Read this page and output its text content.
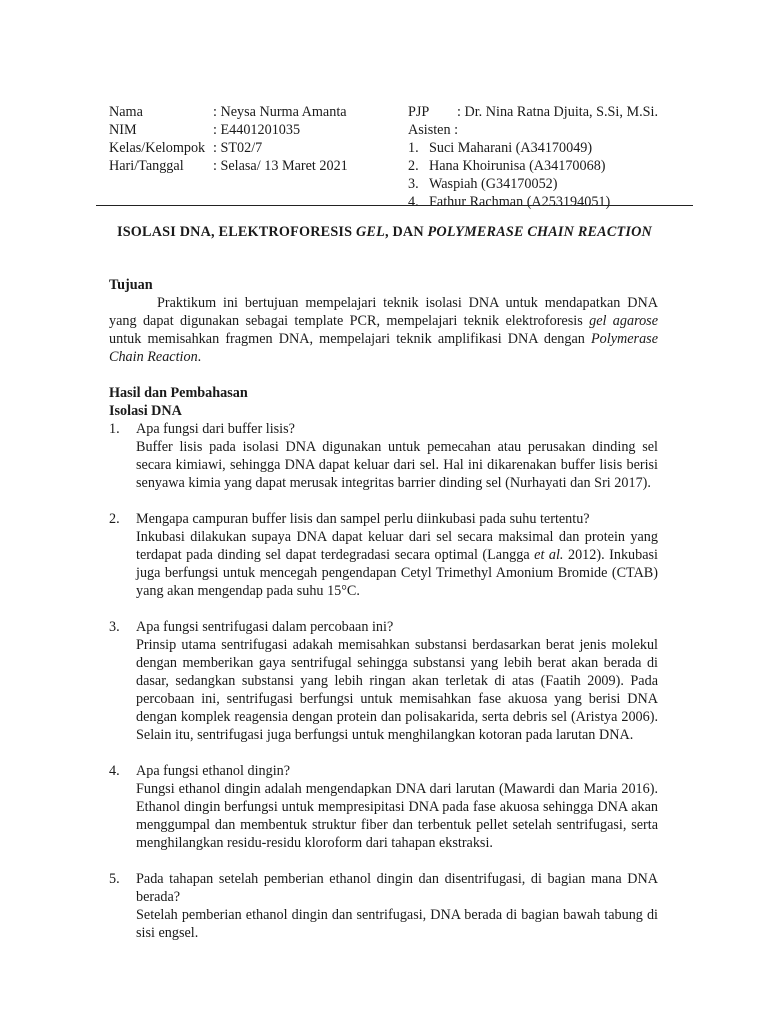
Nama	: Neysa Nurma Amanta	PJP : Dr. Nina Ratna Djuita, S.Si, M.Si.
NIM	: E4401201035	Asisten :
Kelas/Kelompok : ST02/7	1. Suci Maharani (A34170049)
Hari/Tanggal : Selasa/ 13 Maret 2021	2. Hana Khoirunisa (A34170068)
3. Waspiah (G34170052)
4. Fathur Rachman (A253194051)
ISOLASI DNA, ELEKTROFORESIS GEL, DAN POLYMERASE CHAIN REACTION
Tujuan
Praktikum ini bertujuan mempelajari teknik isolasi DNA untuk mendapatkan DNA yang dapat digunakan sebagai template PCR, mempelajari teknik elektroforesis gel agarose untuk memisahkan fragmen DNA, mempelajari teknik amplifikasi DNA dengan Polymerase Chain Reaction.
Hasil dan Pembahasan
Isolasi DNA
1. Apa fungsi dari buffer lisis?
Buffer lisis pada isolasi DNA digunakan untuk pemecahan atau perusakan dinding sel secara kimiawi, sehingga DNA dapat keluar dari sel. Hal ini dikarenakan buffer lisis berisi senyawa kimia yang dapat merusak integritas barrier dinding sel (Nurhayati dan Sri 2017).
2. Mengapa campuran buffer lisis dan sampel perlu diinkubasi pada suhu tertentu?
Inkubasi dilakukan supaya DNA dapat keluar dari sel secara maksimal dan protein yang terdapat pada dinding sel dapat terdegradasi secara optimal (Langga et al. 2012). Inkubasi juga berfungsi untuk mencegah pengendapan Cetyl Trimethyl Amonium Bromide (CTAB) yang akan mengendap pada suhu 15°C.
3. Apa fungsi sentrifugasi dalam percobaan ini?
Prinsip utama sentrifugasi adakah memisahkan substansi berdasarkan berat jenis molekul dengan memberikan gaya sentrifugal sehingga substansi yang lebih berat akan berada di dasar, sedangkan substansi yang lebih ringan akan terletak di atas (Faatih 2009). Pada percobaan ini, sentrifugasi berfungsi untuk memisahkan fase akuosa yang berisi DNA dengan komplek reagensia dengan protein dan polisakarida, serta debris sel (Aristya 2006). Selain itu, sentrifugasi juga berfungsi untuk menghilangkan kotoran pada larutan DNA.
4. Apa fungsi ethanol dingin?
Fungsi ethanol dingin adalah mengendapkan DNA dari larutan (Mawardi dan Maria 2016). Ethanol dingin berfungsi untuk mempresipitasi DNA pada fase akuosa sehingga DNA akan menggumpal dan membentuk struktur fiber dan terbentuk pellet setelah sentrifugasi, serta menghilangkan residu-residu kloroform dari tahapan ekstraksi.
5. Pada tahapan setelah pemberian ethanol dingin dan disentrifugasi, di bagian mana DNA berada?
Setelah pemberian ethanol dingin dan sentrifugasi, DNA berada di bagian bawah tabung di sisi engsel.
